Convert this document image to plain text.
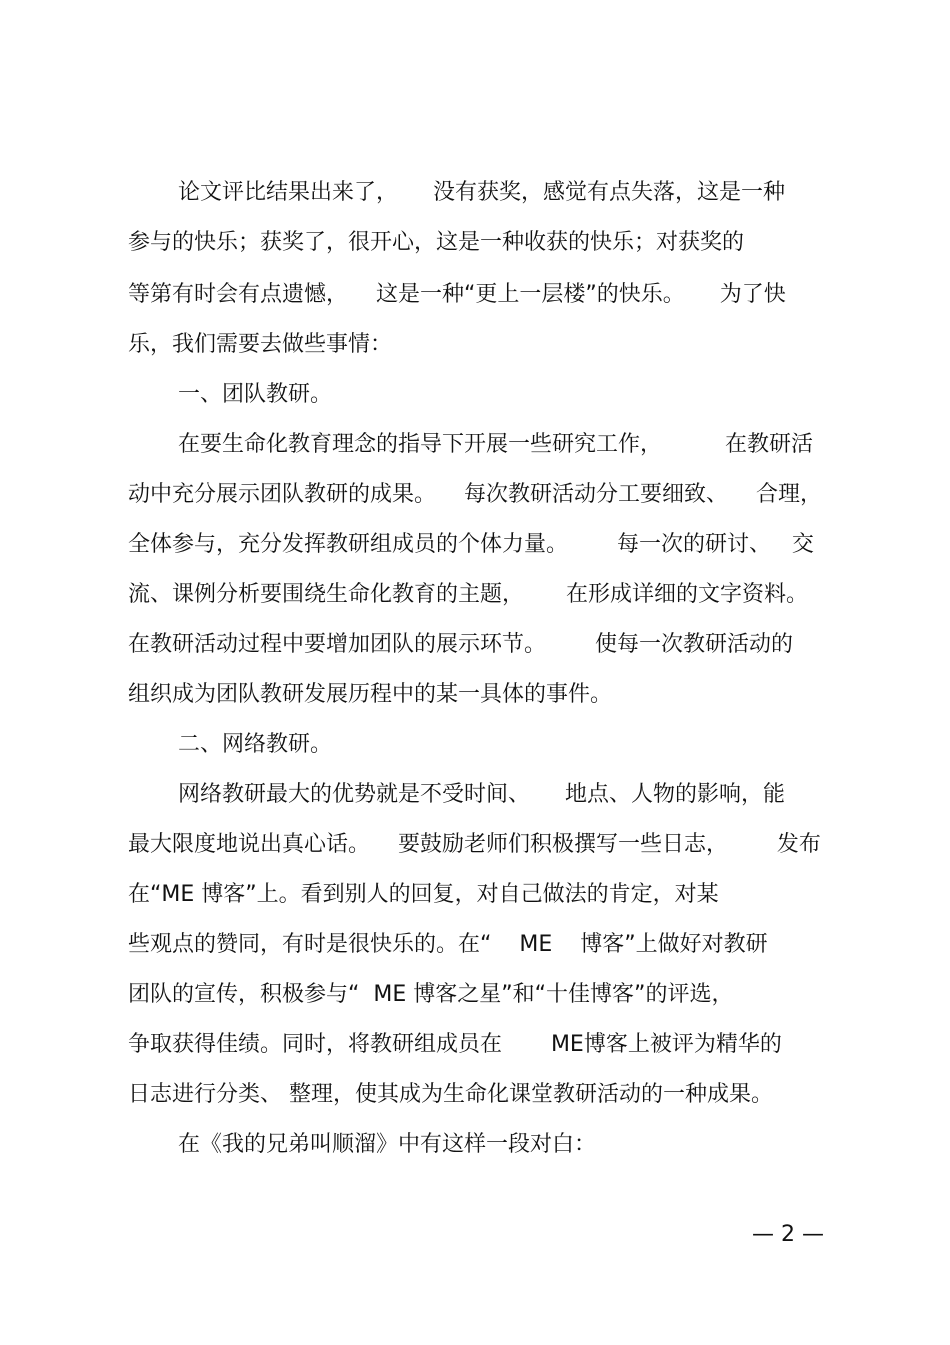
论文评比结果出来了，     没有获奖，感觉有点失落，这是一种
参与的快乐；获奖了，很开心，这是一种收获的快乐；对获奖的
等第有时会有点遗憾，    这是一种“更上一层楼”的快乐。     为了快
乐，我们需要去做些事情：
一、团队教研。
在要生命化教育理念的指导下开展一些研究工作，         在教研活
动中充分展示团队教研的成果。    每次教研活动分工要细致、    合理，
全体参与，充分发挥教研组成员的个体力量。       每一次的研讨、   交
流、课例分析要围绕生命化教育的主题，      在形成详细的文字资料。
在教研活动过程中要增加团队的展示环节。       使每一次教研活动的
组织成为团队教研发展历程中的某一具体的事件。
二、网络教研。
网络教研最大的优势就是不受时间、     地点、人物的影响，能
最大限度地说出真心话。    要鼓励老师们积极撰写一些日志，       发布
在“ME 博客”上。看到别人的回复，对自己做法的肯定，对某
些观点的赞同，有时是很快乐的。在“    ME    博客”上做好对教研
团队的宣传，积极参与“  ME 博客之星”和“十佳博客”的评选，
争取获得佳绩。同时，将教研组成员在       ME博客上被评为精华的
日志进行分类、 整理，使其成为生命化课堂教研活动的一种成果。
在《我的兄弟叫顺溜》中有这样一段对白：
— 2 —
